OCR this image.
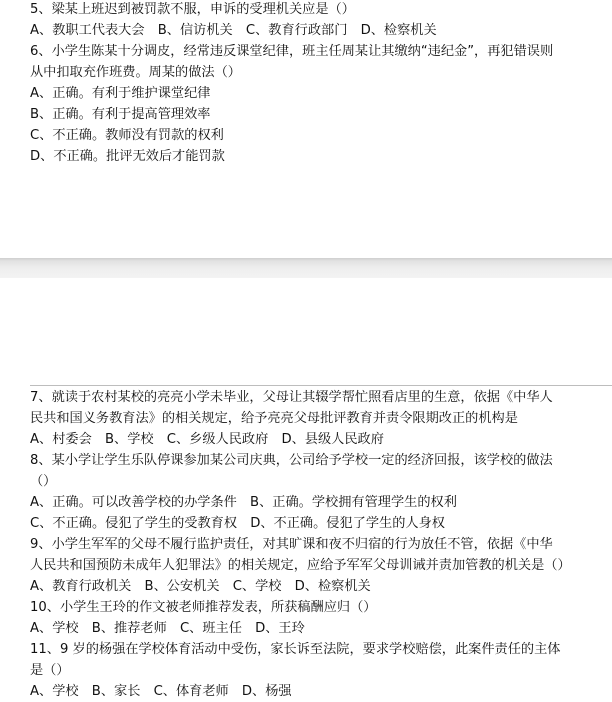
5、梁某上班迟到被罚款不服，申诉的受理机关应是（）
A、教职工代表大会　B、信访机关　C、教育行政部门　D、检察机关
6、小学生陈某十分调皮，经常违反课堂纪律，班主任周某让其缴纳“违纪金”，再犯错误则
从中扣取充作班费。周某的做法（）
A、正确。有利于维护课堂纪律
B、正确。有利于提高管理效率
C、不正确。教师没有罚款的权利
D、不正确。批评无效后才能罚款
7、就读于农村某校的亮亮小学未毕业，父母让其辍学帮忙照看店里的生意，依据《中华人
民共和国义务教育法》的相关规定，给予亮亮父母批评教育并责令限期改正的机构是
A、村委会　B、学校　C、乡级人民政府　D、县级人民政府
8、某小学让学生乐队停课参加某公司庆典，公司给予学校一定的经济回报，该学校的做法
（）
A、正确。可以改善学校的办学条件　B、正确。学校拥有管理学生的权利
C、不正确。侵犯了学生的受教育权　D、不正确。侵犯了学生的人身权
9、小学生军军的父母不履行监护责任，对其旷课和夜不归宿的行为放任不管，依据《中华
人民共和国预防未成年人犯罪法》的相关规定，应给予军军父母训诫并责加管教的机关是（）
A、教育行政机关　B、公安机关　C、学校　D、检察机关
10、小学生王玲的作文被老师推荐发表，所获稿酬应归（）
A、学校　B、推荐老师　C、班主任　D、王玲
11、9 岁的杨强在学校体育活动中受伤，家长诉至法院，要求学校赔偿，此案件责任的主体
是（）
A、学校　B、家长　C、体育老师　D、杨强
